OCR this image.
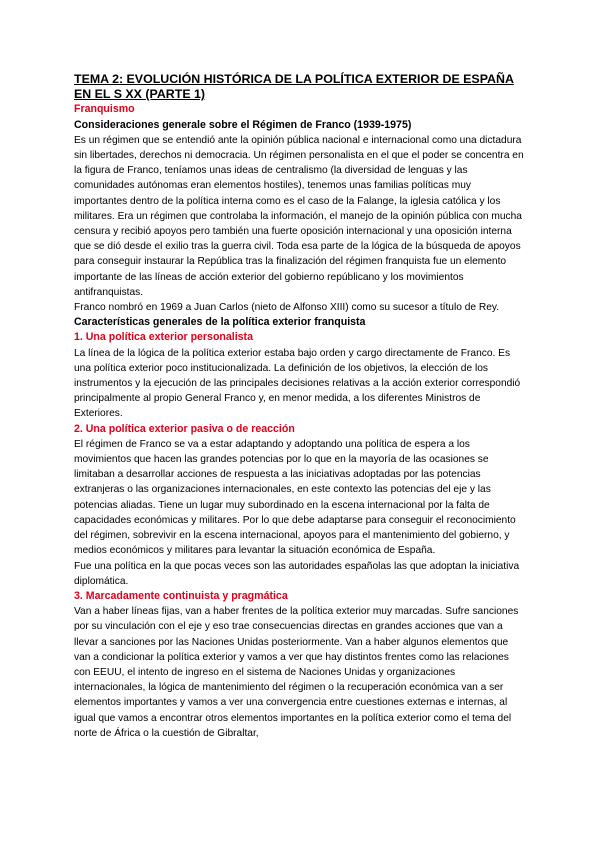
TEMA 2: EVOLUCIÓN HISTÓRICA DE LA POLÍTICA EXTERIOR DE ESPAÑA EN EL S XX (PARTE 1)

Franquismo

Consideraciones generale sobre el Régimen de Franco (1939-1975)

Es un régimen que se entendió ante la opinión pública nacional e internacional como una dictadura sin libertades, derechos ni democracia. Un régimen personalista en el que el poder se concentra en la figura de Franco, teníamos unas ideas de centralismo (la diversidad de lenguas y las comunidades autónomas eran elementos hostiles), tenemos unas familias políticas muy importantes dentro de la política interna como es el caso de la Falange, la iglesia católica y los militares. Era un régimen que controlaba la información, el manejo de la opinión pública con mucha censura y recibió apoyos pero también una fuerte oposición internacional y una oposición interna que se dió desde el exilio tras la guerra civil. Toda esa parte de la lógica de la búsqueda de apoyos para conseguir instaurar la República tras la finalización del régimen franquista fue un elemento importante de las líneas de acción exterior del gobierno repúblicano y los movimientos antifranquistas.

Franco nombró en 1969 a Juan Carlos (nieto de Alfonso XIII) como su sucesor a título de Rey.

Características generales de la política exterior franquista

1. Una política exterior personalista

La línea de la lógica de la política exterior estaba bajo orden y cargo directamente de Franco. Es una política exterior poco institucionalizada. La definición de los objetivos, la elección de los instrumentos y la ejecución de las principales decisiones relativas a la acción exterior correspondió principalmente al propio General Franco y, en menor medida, a los diferentes Ministros de Exteriores.

2. Una política exterior pasiva o de reacción

El régimen de Franco se va a estar adaptando y adoptando una política de espera a los movimientos que hacen las grandes potencias por lo que en la mayoría de las ocasiones se limitaban a desarrollar acciones de respuesta a las iniciativas adoptadas por las potencias extranjeras o las organizaciones internacionales, en este contexto las potencias del eje y las potencias aliadas. Tiene un lugar muy subordinado en la escena internacional por la falta de capacidades económicas y militares. Por lo que debe adaptarse para conseguir el reconocimiento del régimen, sobrevivir en la escena internacional, apoyos para el mantenimiento del gobierno, y medios económicos y militares para levantar la situación económica de España.

Fue una política en la que pocas veces son las autoridades españolas las que adoptan la iniciativa diplomática.

3. Marcadamente continuista y pragmática

Van a haber líneas fijas, van a haber frentes de la política exterior muy marcadas. Sufre sanciones por su vinculación con el eje y eso trae consecuencias directas en grandes acciones que van a llevar a sanciones por las Naciones Unidas posteriormente. Van a haber algunos elementos que van a condicionar la política exterior y vamos a ver que hay distintos frentes como las relaciones con EEUU, el intento de ingreso en el sistema de Naciones Unidas y organizaciones internacionales, la lógica de mantenimiento del régimen o la recuperación económica van a ser elementos importantes y vamos a ver una convergencia entre cuestiones externas e internas, al igual que vamos a encontrar otros elementos importantes en la política exterior como el tema del norte de África o la cuestión de Gibraltar,
